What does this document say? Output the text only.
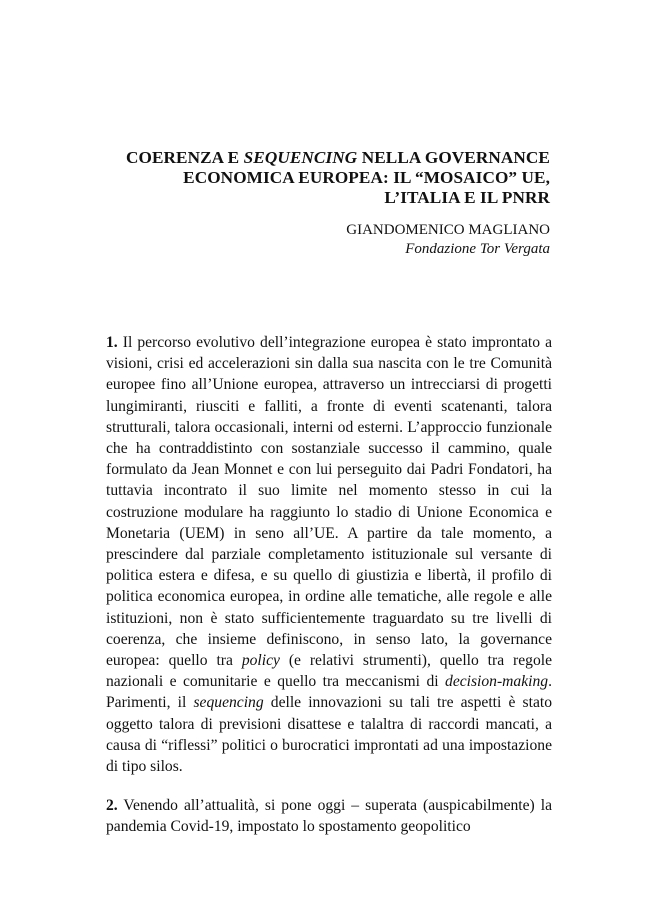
COERENZA E SEQUENCING NELLA GOVERNANCE
ECONOMICA EUROPEA: IL “MOSAICO” UE,
L’ITALIA E IL PNRR
GIANDOMENICO MAGLIANO
Fondazione Tor Vergata

1. Il percorso evolutivo dell’integrazione europea è stato improntato a visioni, crisi ed accelerazioni sin dalla sua nascita con le tre Comunità europee fino all’Unione europea, attraverso un intrecciarsi di progetti lungimiranti, riusciti e falliti, a fronte di eventi scatenanti, talora strutturali, talora occasionali, interni od esterni. L’approccio funzionale che ha contraddistinto con sostanziale successo il cammino, quale formulato da Jean Monnet e con lui perseguito dai Padri Fondatori, ha tuttavia incontrato il suo limite nel momento stesso in cui la costruzione modulare ha raggiunto lo stadio di Unione Economica e Monetaria (UEM) in seno all’UE. A partire da tale momento, a prescindere dal parziale completamento istituzionale sul versante di politica estera e difesa, e su quello di giustizia e libertà, il profilo di politica economica europea, in ordine alle tematiche, alle regole e alle istituzioni, non è stato sufficientemente traguardato su tre livelli di coerenza, che insieme definiscono, in senso lato, la governance europea: quello tra policy (e relativi strumenti), quello tra regole nazionali e comunitarie e quello tra meccanismi di decision-making. Parimenti, il sequencing delle innovazioni su tali tre aspetti è stato oggetto talora di previsioni disattese e talaltra di raccordi mancati, a causa di “riflessi” politici o burocratici improntati ad una impostazione di tipo silos.

2. Venendo all’attualità, si pone oggi – superata (auspicabilmente) la pandemia Covid-19, impostato lo spostamento geopolitico
